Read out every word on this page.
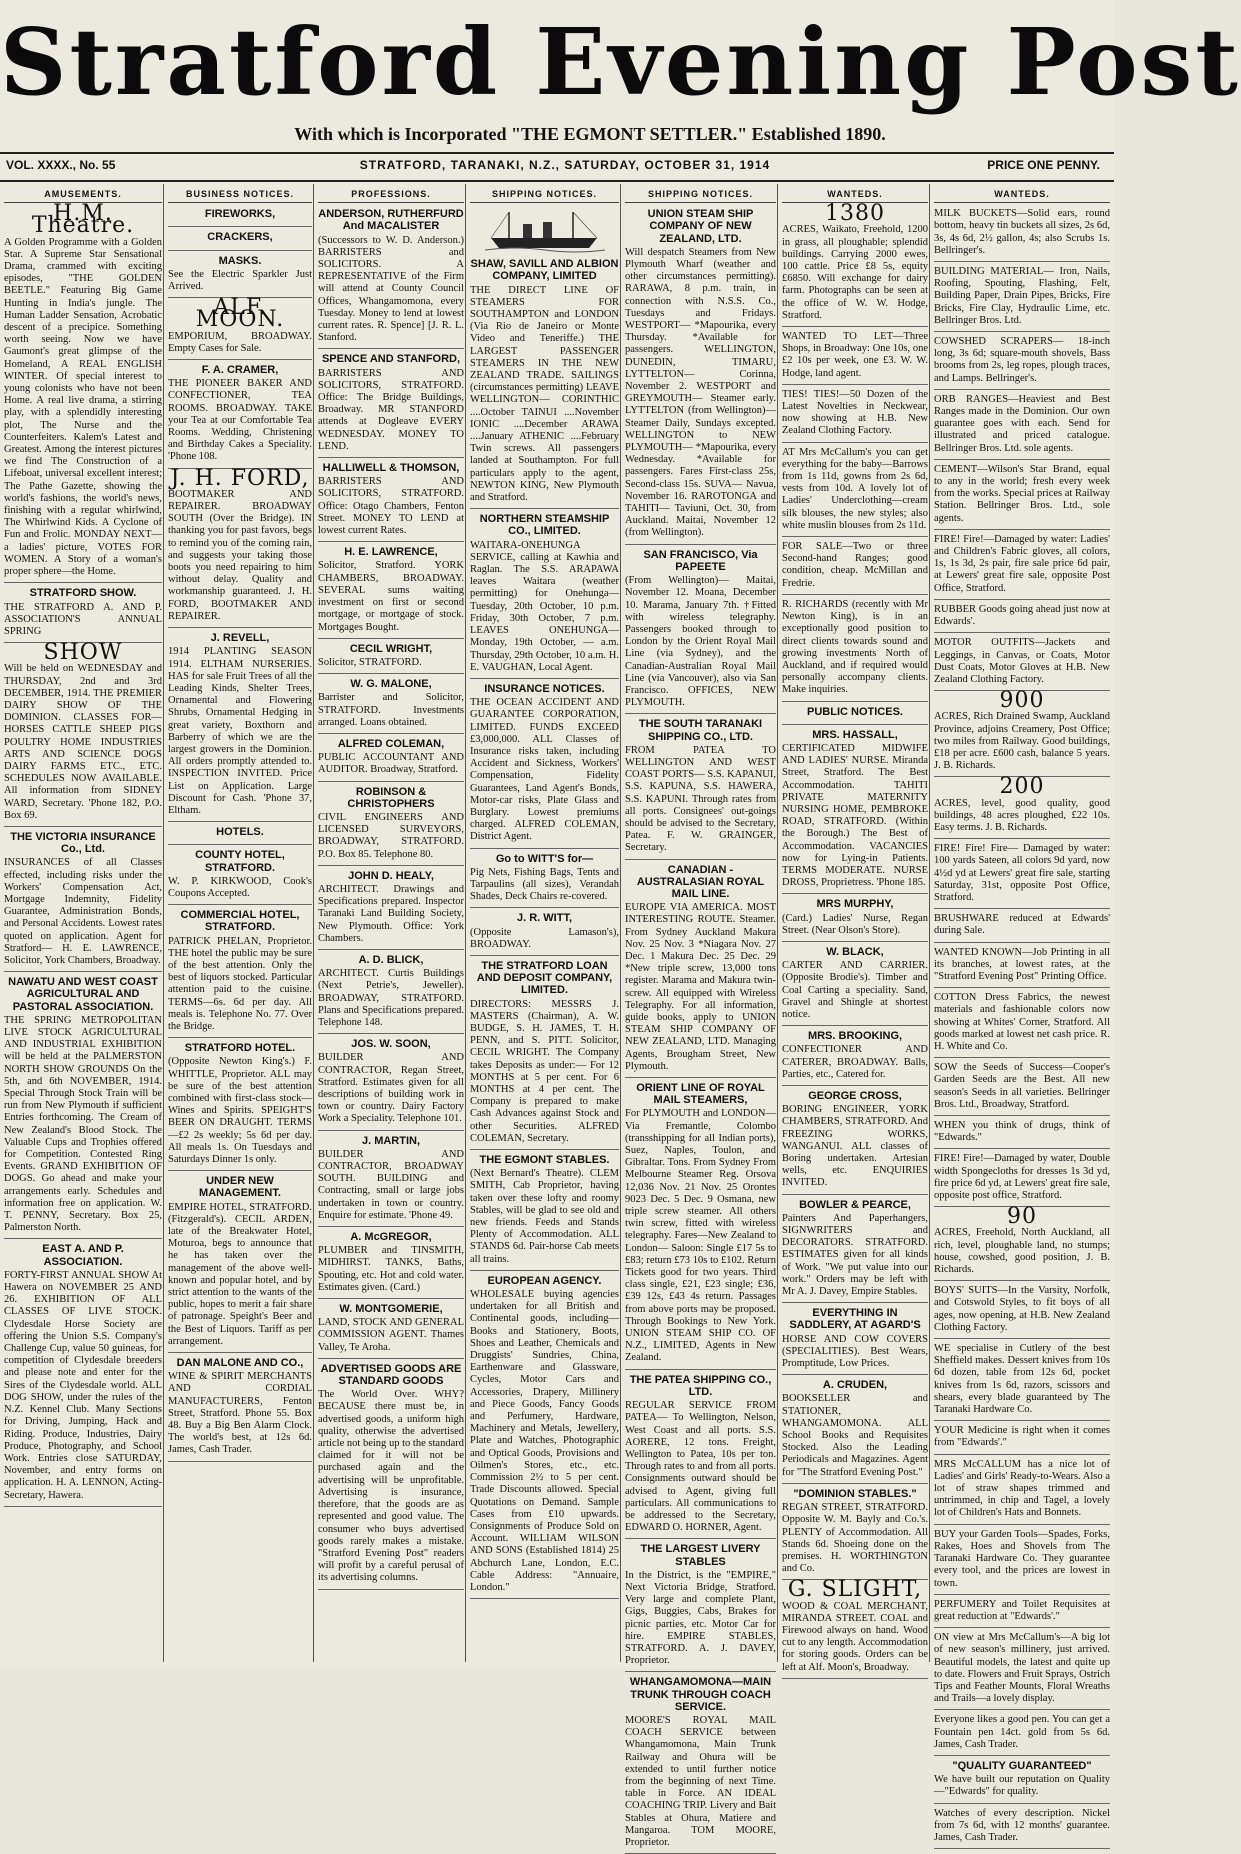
Stratford Evening Post
With which is Incorporated "THE EGMONT SETTLER." Established 1890.
VOL. XXXX., No. 55	STRATFORD, TARANAKI, N.Z., SATURDAY, OCTOBER 31, 1914	PRICE ONE PENNY.
AMUSEMENTS.
H.M. Theatre.

A Golden Programme with a Golden Star. A Supreme Star Sensational Drama, crammed with exciting episodes, "THE GOLDEN BEETLE." Featuring Big Game Hunting in India's jungle. The Human Ladder Sensation, Acrobatic descent of a precipice. Something worth seeing. Now we have Gaumont's great glimpse of the Homeland, A REAL ENGLISH WINTER. Of special interest to young colonists who have not been Home. A real live drama, a stirring play, with a splendidly interesting plot, The Nurse and the Counterfeiters. Kalem's Latest and Greatest. Among the interest pictures we find The Construction of a Lifeboat, universal excellent interest; The Pathe Gazette, showing the world's fashions, the world's news, finishing with a regular whirlwind, The Whirlwind Kids. A Cyclone of Fun and Frolic. MONDAY NEXT—a ladies' picture, VOTES FOR WOMEN. A Story of a woman's proper sphere—the Home.

STRATFORD SHOW.

THE STRATFORD A. AND P. ASSOCIATION'S ANNUAL SPRING

SHOW

Will be held on WEDNESDAY and THURSDAY, 2nd and 3rd DECEMBER, 1914. THE PREMIER DAIRY SHOW OF THE DOMINION. CLASSES FOR— HORSES CATTLE SHEEP PIGS POULTRY HOME INDUSTRIES ARTS AND SCIENCE DOGS DAIRY FARMS ETC., ETC. SCHEDULES NOW AVAILABLE. All information from SIDNEY WARD, Secretary. 'Phone 182, P.O. Box 69.

THE VICTORIA INSURANCE Co., Ltd.

INSURANCES of all Classes effected, including risks under the Workers' Compensation Act, Mortgage Indemnity, Fidelity Guarantee, Administration Bonds, and Personal Accidents. Lowest rates quoted on application. Agent for Stratford— H. E. LAWRENCE, Solicitor, York Chambers, Broadway.

NAWATU AND WEST COAST AGRICULTURAL AND PASTORAL ASSOCIATION.

THE SPRING METROPOLITAN LIVE STOCK AGRICULTURAL AND INDUSTRIAL EXHIBITION will be held at the PALMERSTON NORTH SHOW GROUNDS On the 5th, and 6th NOVEMBER, 1914. Special Through Stock Train will be run from New Plymouth if sufficient Entries forthcoming. The Cream of New Zealand's Blood Stock. The Valuable Cups and Trophies offered for Competition. Contested Ring Events. GRAND EXHIBITION OF DOGS. Go ahead and make your arrangements early. Schedules and information free on application. W. T. PENNY, Secretary. Box 25, Palmerston North.

EAST A. AND P. ASSOCIATION.

FORTY-FIRST ANNUAL SHOW At Hawera on NOVEMBER 25 AND 26. EXHIBITION OF ALL CLASSES OF LIVE STOCK. Clydesdale Horse Society are offering the Union S.S. Company's Challenge Cup, value 50 guineas, for competition of Clydesdale breeders and please note and enter for the Sires of the Clydesdale world. ALL DOG SHOW, under the rules of the N.Z. Kennel Club. Many Sections for Driving, Jumping, Hack and Riding. Produce, Industries, Dairy Produce, Photography, and School Work. Entries close SATURDAY, November, and entry forms on application. H. A. LENNON, Acting-Secretary, Hawera.

BUSINESS NOTICES.
FIREWORKS,
CRACKERS,
MASKS.

See the Electric Sparkler Just Arrived.

ALF. MOON.

EMPORIUM, BROADWAY. Empty Cases for Sale.

F. A. CRAMER,

THE PIONEER BAKER AND CONFECTIONER, TEA ROOMS. BROADWAY. TAKE your Tea at our Comfortable Tea Rooms. Wedding, Christening and Birthday Cakes a Speciality. 'Phone 108.

J. H. FORD,

BOOTMAKER AND REPAIRER. BROADWAY SOUTH (Over the Bridge). IN thanking you for past favors, begs to remind you of the coming rain, and suggests your taking those boots you need repairing to him without delay. Quality and workmanship guaranteed. J. H. FORD, BOOTMAKER AND REPAIRER.

J. REVELL,

1914 PLANTING SEASON 1914. ELTHAM NURSERIES. HAS for sale Fruit Trees of all the Leading Kinds, Shelter Trees, Ornamental and Flowering Shrubs, Ornamental Hedging in great variety, Boxthorn and Barberry of which we are the largest growers in the Dominion. All orders promptly attended to. INSPECTION INVITED. Price List on Application. Large Discount for Cash. 'Phone 37, Eltham.

HOTELS.
COUNTY HOTEL, STRATFORD.

W. P. KIRKWOOD, Cook's Coupons Accepted.

COMMERCIAL HOTEL, STRATFORD.

PATRICK PHELAN, Proprietor. THE hotel the public may be sure of the best attention. Only the best of liquors stocked. Particular attention paid to the cuisine. TERMS—6s. 6d per day. All meals is. Telephone No. 77. Over the Bridge.

STRATFORD HOTEL.

(Opposite Newton King's.) F. WHITTLE, Proprietor. ALL may be sure of the best attention combined with first-class stock—Wines and Spirits. SPEIGHT'S BEER ON DRAUGHT. TERMS—£2 2s weekly; 5s 6d per day. All meals 1s. On Tuesdays and Saturdays Dinner 1s only.

UNDER NEW MANAGEMENT.

EMPIRE HOTEL, STRATFORD. (Fitzgerald's). CECIL ARDEN, late of the Breakwater Hotel, Moturoa, begs to announce that he has taken over the management of the above well-known and popular hotel, and by strict attention to the wants of the public, hopes to merit a fair share of patronage. Speight's Beer and the Best of Liquors. Tariff as per arrangement.

DAN MALONE AND CO.,

WINE & SPIRIT MERCHANTS AND CORDIAL MANUFACTURERS, Fenton Street, Stratford. Phone 55. Box 48. Buy a Big Ben Alarm Clock. The world's best, at 12s 6d. James, Cash Trader.

PROFESSIONS.
ANDERSON, RUTHERFURD And MACALISTER

(Successors to W. D. Anderson.) BARRISTERS and SOLICITORS. A REPRESENTATIVE of the Firm will attend at County Council Offices, Whangamomona, every Tuesday. Money to lend at lowest current rates. R. Spence] [J. R. L. Stanford.

SPENCE AND STANFORD,

BARRISTERS AND SOLICITORS, STRATFORD. Office: The Bridge Buildings, Broadway. MR STANFORD attends at Dogleave EVERY WEDNESDAY. MONEY TO LEND.

HALLIWELL & THOMSON,

BARRISTERS AND SOLICITORS, STRATFORD. Office: Otago Chambers, Fenton Street. MONEY TO LEND at lowest current Rates.

H. E. LAWRENCE,

Solicitor, Stratford. YORK CHAMBERS, BROADWAY. SEVERAL sums waiting investment on first or second mortgage, or mortgage of stock. Mortgages Bought.

CECIL WRIGHT,

Solicitor, STRATFORD.

W. G. MALONE,

Barrister and Solicitor, STRATFORD. Investments arranged. Loans obtained.

ALFRED COLEMAN,

PUBLIC ACCOUNTANT AND AUDITOR. Broadway, Stratford.

ROBINSON & CHRISTOPHERS

CIVIL ENGINEERS AND LICENSED SURVEYORS, BROADWAY, STRATFORD. P.O. Box 85. Telephone 80.

JOHN D. HEALY,

ARCHITECT. Drawings and Specifications prepared. Inspector Taranaki Land Building Society, New Plymouth. Office: York Chambers.

A. D. BLICK,

ARCHITECT. Curtis Buildings (Next Petrie's, Jeweller). BROADWAY, STRATFORD. Plans and Specifications prepared. Telephone 148.

JOS. W. SOON,

BUILDER AND CONTRACTOR, Regan Street, Stratford. Estimates given for all descriptions of building work in town or country. Dairy Factory Work a Speciality. Telephone 101.

J. MARTIN,

BUILDER AND CONTRACTOR, BROADWAY SOUTH. BUILDING and Contracting, small or large jobs undertaken in town or country. Enquire for estimate. 'Phone 49.

A. McGREGOR,

PLUMBER and TINSMITH, MIDHIRST. TANKS, Baths, Spouting, etc. Hot and cold water. Estimates given. (Card.)

W. MONTGOMERIE,

LAND, STOCK AND GENERAL COMMISSION AGENT. Thames Valley, Te Aroha.

ADVERTISED GOODS ARE STANDARD GOODS

The World Over. WHY? BECAUSE there must be, in advertised goods, a uniform high quality, otherwise the advertised article not being up to the standard claimed for it will not be purchased again and the advertising will be unprofitable. Advertising is insurance, therefore, that the goods are as represented and good value. The consumer who buys advertised goods rarely makes a mistake. "Stratford Evening Post" readers will profit by a careful perusal of its advertising columns.

SHIPPING NOTICES.
SHAW, SAVILL AND ALBION COMPANY, LIMITED

THE DIRECT LINE OF STEAMERS FOR SOUTHAMPTON and LONDON (Via Rio de Janeiro or Monte Video and Teneriffe.) THE LARGEST PASSENGER STEAMERS IN THE NEW ZEALAND TRADE. SAILINGS (circumstances permitting) LEAVE WELLINGTON— CORINTHIC ....October TAINUI ....November IONIC ....December ARAWA ....January ATHENIC ....February Twin screws. All passengers landed at Southampton. For full particulars apply to the agent, NEWTON KING, New Plymouth and Stratford.

NORTHERN STEAMSHIP CO., LIMITED.

WAITARA-ONEHUNGA SERVICE, calling at Kawhia and Raglan. The S.S. ARAPAWA leaves Waitara (weather permitting) for Onehunga— Tuesday, 20th October, 10 p.m. Friday, 30th October, 7 p.m. LEAVES ONEHUNGA— Monday, 19th October, — a.m. Thursday, 29th October, 10 a.m. H. E. VAUGHAN, Local Agent.

INSURANCE NOTICES.

THE OCEAN ACCIDENT AND GUARANTEE CORPORATION, LIMITED. FUNDS EXCEED £3,000,000. ALL Classes of Insurance risks taken, including Accident and Sickness, Workers' Compensation, Fidelity Guarantees, Land Agent's Bonds, Motor-car risks, Plate Glass and Burglary. Lowest premiums charged. ALFRED COLEMAN, District Agent.

Go to WITT'S for—

Pig Nets, Fishing Bags, Tents and Tarpaulins (all sizes), Verandah Shades, Deck Chairs re-covered.

J. R. WITT,

(Opposite Lamason's), BROADWAY.

THE STRATFORD LOAN AND DEPOSIT COMPANY, LIMITED.

DIRECTORS: MESSRS J. MASTERS (Chairman), A. W. BUDGE, S. H. JAMES, T. H. PENN, and S. PITT. Solicitor, CECIL WRIGHT. The Company takes Deposits as under:— For 12 MONTHS at 5 per cent. For 6 MONTHS at 4 per cent. The Company is prepared to make Cash Advances against Stock and other Securities. ALFRED COLEMAN, Secretary.

THE EGMONT STABLES.

(Next Bernard's Theatre). CLEM SMITH, Cab Proprietor, having taken over these lofty and roomy Stables, will be glad to see old and new friends. Feeds and Stands Plenty of Accommodation. ALL STANDS 6d. Pair-horse Cab meets all trains.

EUROPEAN AGENCY.

WHOLESALE buying agencies undertaken for all British and Continental goods, including— Books and Stationery, Boots, Shoes and Leather, Chemicals and Druggists' Sundries, China, Earthenware and Glassware, Cycles, Motor Cars and Accessories, Drapery, Millinery and Piece Goods, Fancy Goods and Perfumery, Hardware, Machinery and Metals, Jewellery, Plate and Watches, Photographic and Optical Goods, Provisions and Oilmen's Stores, etc., etc. Commission 2½ to 5 per cent. Trade Discounts allowed. Special Quotations on Demand. Sample Cases from £10 upwards. Consignments of Produce Sold on Account. WILLIAM WILSON AND SONS (Established 1814) 25 Abchurch Lane, London, E.C. Cable Address: "Annuaire, London."

SHIPPING NOTICES.
UNION STEAM SHIP COMPANY OF NEW ZEALAND, LTD.

Will despatch Steamers from New Plymouth Wharf (weather and other circumstances permitting). RARAWA, 8 p.m. train, in connection with N.S.S. Co., Tuesdays and Fridays. WESTPORT— *Mapourika, every Thursday. *Available for passengers. WELLINGTON, DUNEDIN, TIMARU, LYTTELTON— Corinna, November 2. WESTPORT and GREYMOUTH— Steamer early. LYTTELTON (from Wellington)— Steamer Daily, Sundays excepted. WELLINGTON to NEW PLYMOUTH— *Mapourika, every Wednesday. *Available for passengers. Fares First-class 25s, Second-class 15s. SUVA— Navua, November 16. RAROTONGA and TAHITI— Taviuni, Oct. 30, from Auckland. Maitai, November 12 (from Wellington).

SAN FRANCISCO, Via PAPEETE

(From Wellington)— Maitai, November 12. Moana, December 10. Marama, January 7th. †Fitted with wireless telegraphy. Passengers booked through to London by the Orient Royal Mail Line (via Sydney), and the Canadian-Australian Royal Mail Line (via Vancouver), also via San Francisco. OFFICES, NEW PLYMOUTH.

THE SOUTH TARANAKI SHIPPING CO., LTD.

FROM PATEA TO WELLINGTON AND WEST COAST PORTS— S.S. KAPANUI, S.S. KAPUNA, S.S. HAWERA, S.S. KAPUNI. Through rates from all ports. Consignees' out-goings should be advised to the Secretary, Patea. F. W. GRAINGER, Secretary.

CANADIAN - AUSTRALASIAN ROYAL MAIL LINE.

EUROPE VIA AMERICA. MOST INTERESTING ROUTE. Steamer. From Sydney Auckland Makura Nov. 25 Nov. 3 *Niagara Nov. 27 Dec. 1 Makura Dec. 25 Dec. 29 *New triple screw, 13,000 tons register. Marama and Makura twin-screw. All equipped with Wireless Telegraphy. For all information, guide books, apply to UNION STEAM SHIP COMPANY OF NEW ZEALAND, LTD. Managing Agents, Brougham Street, New Plymouth.

ORIENT LINE OF ROYAL MAIL STEAMERS,

For PLYMOUTH and LONDON— Via Fremantle, Colombo (transshipping for all Indian ports), Suez, Naples, Toulon, and Gibraltar. Tons. From Sydney From Melbourne Steamer Reg. Orsova 12,036 Nov. 21 Nov. 25 Orontes 9023 Dec. 5 Dec. 9 Osmana, new triple screw steamer. All others twin screw, fitted with wireless telegraphy. Fares—New Zealand to London— Saloon: Single £17 5s to £83; return £73 10s to £102. Return Tickets good for two years. Third class single, £21, £23 single; £36, £39 12s, £43 4s return. Passages from above ports may be proposed. Through Bookings to New York. UNION STEAM SHIP CO. OF N.Z., LIMITED, Agents in New Zealand.

THE PATEA SHIPPING CO., LTD.

REGULAR SERVICE FROM PATEA— To Wellington, Nelson, West Coast and all ports. S.S. AORERE, 12 tons. Freight, Wellington to Patea, 10s per ton. Through rates to and from all ports. Consignments outward should be advised to Agent, giving full particulars. All communications to be addressed to the Secretary, EDWARD O. HORNER, Agent.

THE LARGEST LIVERY STABLES

In the District, is the "EMPIRE," Next Victoria Bridge, Stratford. Very large and complete Plant, Gigs, Buggies, Cabs, Brakes for picnic parties, etc. Motor Car for hire. EMPIRE STABLES, STRATFORD. A. J. DAVEY, Proprietor.

WHANGAMOMONA—MAIN TRUNK THROUGH COACH SERVICE.

MOORE'S ROYAL MAIL COACH SERVICE between Whangamomona, Main Trunk Railway and Ohura will be extended to until further notice from the beginning of next Time. table in Force. AN IDEAL COACHING TRIP. Livery and Bait Stables at Ohura, Matiere and Mangaroa. TOM MOORE, Proprietor.

WANTEDS.
1380

ACRES, Waikato, Freehold, 1200 in grass, all ploughable; splendid buildings. Carrying 2000 ewes, 100 cattle. Price £8 5s, equity £6850. Will exchange for dairy farm. Photographs can be seen at the office of W. W. Hodge, Stratford.

WANTED TO LET—Three Shops, in Broadway: One 10s, one £2 10s per week, one £3. W. W. Hodge, land agent.

TIES! TIES!—50 Dozen of the Latest Novelties in Neckwear, now showing at H.B. New Zealand Clothing Factory.

AT Mrs McCallum's you can get everything for the baby—Barrows from 1s 11d, gowns from 2s 6d, vests from 10d. A lovely lot of Ladies' Underclothing—cream silk blouses, the new styles; also white muslin blouses from 2s 11d.

FOR SALE—Two or three Second-hand Ranges; good condition, cheap. McMillan and Fredrie.

R. RICHARDS (recently with Mr Newton King), is in an exceptionally good position to direct clients towards sound and growing investments North of Auckland, and if required would personally accompany clients. Make inquiries.

PUBLIC NOTICES.
MRS. HASSALL,

CERTIFICATED MIDWIFE AND LADIES' NURSE. Miranda Street, Stratford. The Best Accommodation. TAHITI PRIVATE MATERNITY NURSING HOME, PEMBROKE ROAD, STRATFORD. (Within the Borough.) The Best of Accommodation. VACANCIES now for Lying-in Patients. TERMS MODERATE. NURSE DROSS, Proprietress. 'Phone 185.

MRS MURPHY,

(Card.) Ladies' Nurse, Regan Street. (Near Olson's Store).

W. BLACK,

CARTER AND CARRIER. (Opposite Brodie's). Timber and Coal Carting a speciality. Sand, Gravel and Shingle at shortest notice.

MRS. BROOKING,

CONFECTIONER AND CATERER, BROADWAY. Balls, Parties, etc., Catered for.

GEORGE CROSS,

BORING ENGINEER, YORK CHAMBERS, STRATFORD. And FREEZING WORKS, WANGANUI. ALL classes of Boring undertaken. Artesian wells, etc. ENQUIRIES INVITED.

BOWLER & PEARCE,

Painters And Paperhangers, SIGNWRITERS and DECORATORS. STRATFORD. ESTIMATES given for all kinds of Work. "We put value into our work." Orders may be left with Mr A. J. Davey, Empire Stables.

EVERYTHING IN SADDLERY, AT AGARD'S

HORSE AND COW COVERS (SPECIALITIES). Best Wears, Promptitude, Low Prices.

A. CRUDEN,

BOOKSELLER and STATIONER, WHANGAMOMONA. ALL School Books and Requisites Stocked. Also the Leading Periodicals and Magazines. Agent for "The Stratford Evening Post."

"DOMINION STABLES."

REGAN STREET, STRATFORD. Opposite W. M. Bayly and Co.'s. PLENTY of Accommodation. All Stands 6d. Shoeing done on the premises. H. WORTHINGTON and Co.

G. SLIGHT,

WOOD & COAL MERCHANT, MIRANDA STREET. COAL and Firewood always on hand. Wood cut to any length. Accommodation for storing goods. Orders can be left at Alf. Moon's, Broadway.

WANTEDS.

MILK BUCKETS—Solid ears, round bottom, heavy tin buckets all sizes, 2s 6d, 3s, 4s 6d, 2½ gallon, 4s; also Scrubs 1s. Bellringer's.

BUILDING MATERIAL— Iron, Nails, Roofing, Spouting, Flashing, Felt, Building Paper, Drain Pipes, Bricks, Fire Bricks, Fire Clay, Hydraulic Lime, etc. Bellringer Bros. Ltd.

COWSHED SCRAPERS— 18-inch long, 3s 6d; square-mouth shovels, Bass brooms from 2s, leg ropes, plough traces, and Lamps. Bellringer's.

ORB RANGES—Heaviest and Best Ranges made in the Dominion. Our own guarantee goes with each. Send for illustrated and priced catalogue. Bellringer Bros. Ltd. sole agents.

CEMENT—Wilson's Star Brand, equal to any in the world; fresh every week from the works. Special prices at Railway Station. Bellringer Bros. Ltd., sole agents.

FIRE! Fire!—Damaged by water: Ladies' and Children's Fabric gloves, all colors, 1s, 1s 3d, 2s pair, fire sale price 6d pair, at Lewers' great fire sale, opposite Post Office, Stratford.

RUBBER Goods going ahead just now at Edwards'.

MOTOR OUTFITS—Jackets and Leggings, in Canvas, or Coats, Motor Dust Coats, Motor Gloves at H.B. New Zealand Clothing Factory.

900

ACRES, Rich Drained Swamp, Auckland Province, adjoins Creamery, Post Office; two miles from Railway. Good buildings, £18 per acre. £600 cash, balance 5 years. J. B. Richards.

200

ACRES, level, good quality, good buildings, 48 acres ploughed, £22 10s. Easy terms. J. B. Richards.

FIRE! Fire! Fire— Damaged by water: 100 yards Sateen, all colors 9d yard, now 4½d yd at Lewers' great fire sale, starting Saturday, 31st, opposite Post Office, Stratford.

BRUSHWARE reduced at Edwards' during Sale.

WANTED KNOWN—Job Printing in all its branches, at lowest rates, at the "Stratford Evening Post" Printing Office.

COTTON Dress Fabrics, the newest materials and fashionable colors now showing at Whites' Corner, Stratford. All goods marked at lowest net cash price. R. H. White and Co.

SOW the Seeds of Success—Cooper's Garden Seeds are the Best. All new season's Seeds in all varieties. Bellringer Bros. Ltd., Broadway, Stratford.

WHEN you think of drugs, think of "Edwards."

FIRE! Fire!—Damaged by water, Double width Spongecloths for dresses 1s 3d yd, fire price 6d yd, at Lewers' great fire sale, opposite post office, Stratford.

90

ACRES, Freehold, North Auckland, all rich, level, ploughable land, no stumps; house, cowshed, good position, J. B. Richards.

BOYS' SUITS—In the Varsity, Norfolk, and Cotswold Styles, to fit boys of all ages, now opening, at H.B. New Zealand Clothing Factory.

WE specialise in Cutlery of the best Sheffield makes. Dessert knives from 10s 6d dozen, table from 12s 6d, pocket knives from 1s 6d, razors, scissors and shears, every blade guaranteed by The Taranaki Hardware Co.

YOUR Medicine is right when it comes from "Edwards'."

MRS McCALLUM has a nice lot of Ladies' and Girls' Ready-to-Wears. Also a lot of straw shapes trimmed and untrimmed, in chip and Tagel, a lovely lot of Children's Hats and Bonnets.

BUY your Garden Tools—Spades, Forks, Rakes, Hoes and Shovels from The Taranaki Hardware Co. They guarantee every tool, and the prices are lowest in town.

PERFUMERY and Toilet Requisites at great reduction at "Edwards'."

ON view at Mrs McCallum's—A big lot of new season's millinery, just arrived. Beautiful models, the latest and quite up to date. Flowers and Fruit Sprays, Ostrich Tips and Feather Mounts, Floral Wreaths and Trails—a lovely display.

Everyone likes a good pen. You can get a Fountain pen 14ct. gold from 5s 6d. James, Cash Trader.

"QUALITY GUARANTEED"

We have built our reputation on Quality—"Edwards" for quality.

Watches of every description. Nickel from 7s 6d, with 12 months' guarantee. James, Cash Trader.
